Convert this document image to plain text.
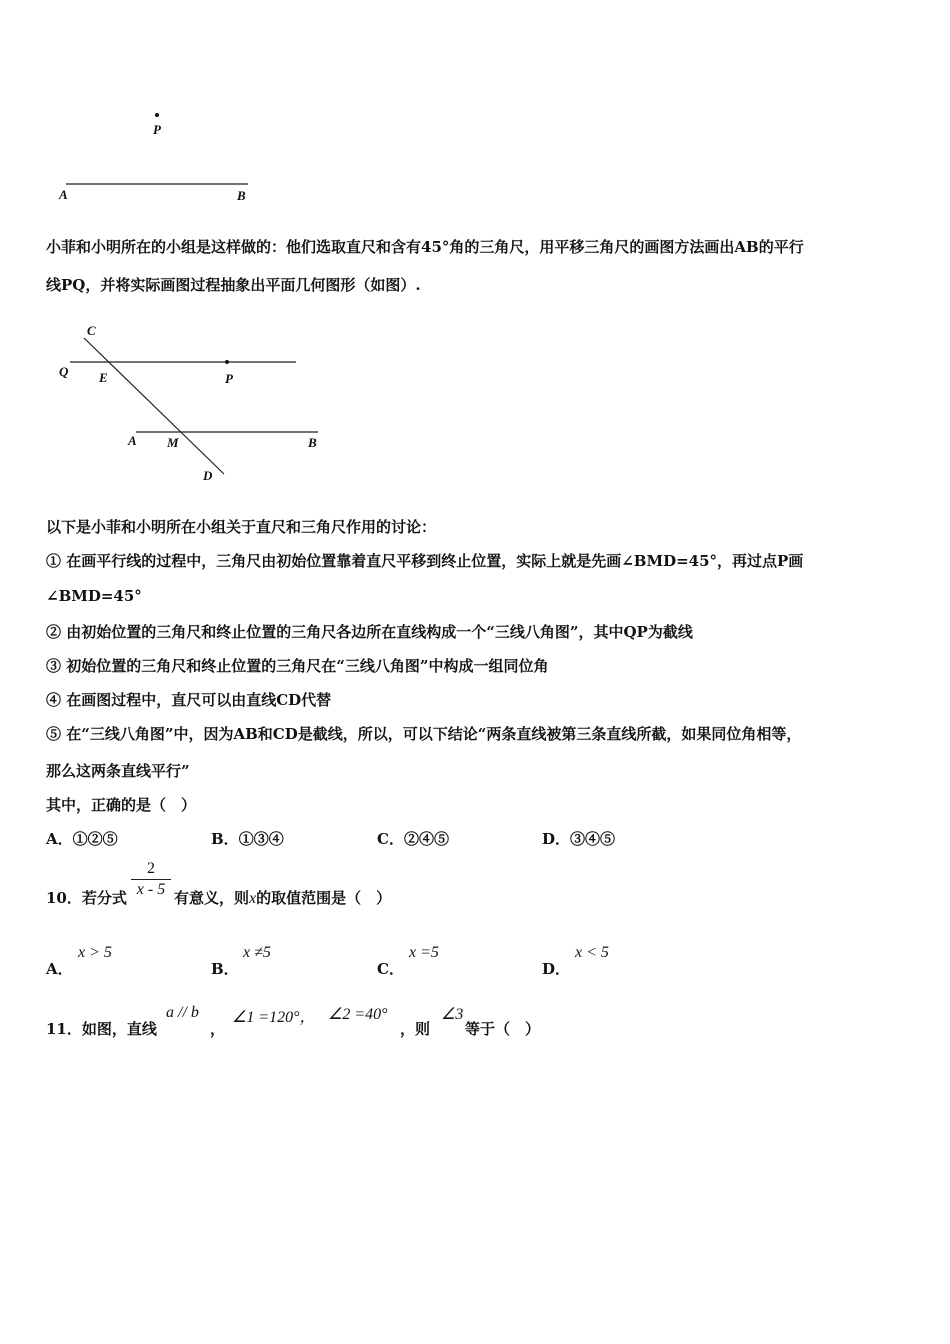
P
A	B
小菲和小明所在的小组是这样做的：他们选取直尺和含有45°角的三角尺，用平移三角尺的画图方法画出AB的平行
线PQ，并将实际画图过程抽象出平面几何图形（如图）.
C
Q E	P
A M	B
D
以下是小菲和小明所在小组关于直尺和三角尺作用的讨论：
① 在画平行线的过程中，三角尺由初始位置靠着直尺平移到终止位置，实际上就是先画∠BMD=45°，再过点P画
∠BMD=45°
② 由初始位置的三角尺和终止位置的三角尺各边所在直线构成一个“三线八角图”，其中QP为截线
③ 初始位置的三角尺和终止位置的三角尺在“三线八角图”中构成一组同位角
④ 在画图过程中，直尺可以由直线CD代替
⑤ 在“三线八角图”中，因为AB和CD是截线，所以，可以下结论“两条直线被第三条直线所截，如果同位角相等，
那么这两条直线平行”
其中，正确的是（　）
A．①②⑤	B．①③④	C．②④⑤	D．③④⑤
10．若分式
2
x - 5 有意义，则x的取值范围是（　）
A．
x > 5
B．
x ≠5
C．
x =5
D．
x < 5
11．如图，直线
a // b
，
∠1 =120°， ∠2 =40°
，则
∠3
等于（　）
